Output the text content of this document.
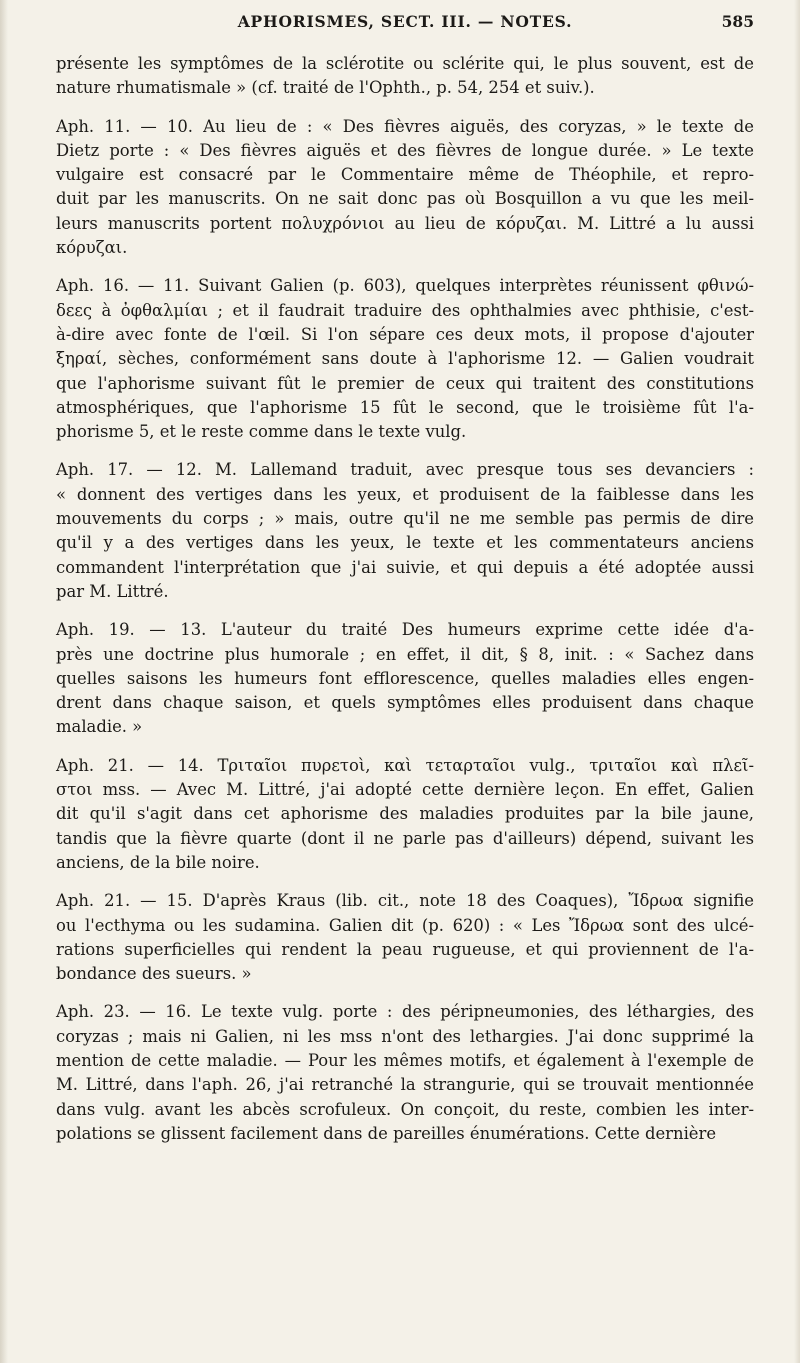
APHORISMES, SECT. III. — NOTES.	585
présente les symptômes de la sclérotite ou sclérite qui, le plus souvent, est de
nature rhumatismale » (cf. traité de l'Ophth., p. 54, 254 et suiv.).
Aph. 11. — 10. Au lieu de : « Des fièvres aiguës, des coryzas, » le texte de
Dietz porte : « Des fièvres aiguës et des fièvres de longue durée. » Le texte
vulgaire est consacré par le Commentaire même de Théophile, et repro-
duit par les manuscrits. On ne sait donc pas où Bosquillon a vu que les meil-
leurs manuscrits portent πολυχρόνιοι au lieu de κόρυζαι. M. Littré a lu aussi
κόρυζαι.
Aph. 16. — 11. Suivant Galien (p. 603), quelques interprètes réunissent φθινώ-
δεες à ὀφθαλμίαι ; et il faudrait traduire des ophthalmies avec phthisie, c'est-
à-dire avec fonte de l'œil. Si l'on sépare ces deux mots, il propose d'ajouter
ξηραί, sèches, conformément sans doute à l'aphorisme 12. — Galien voudrait
que l'aphorisme suivant fût le premier de ceux qui traitent des constitutions
atmosphériques, que l'aphorisme 15 fût le second, que le troisième fût l'a-
phorisme 5, et le reste comme dans le texte vulg.
Aph. 17. — 12. M. Lallemand traduit, avec presque tous ses devanciers :
« donnent des vertiges dans les yeux, et produisent de la faiblesse dans les
mouvements du corps ; » mais, outre qu'il ne me semble pas permis de dire
qu'il y a des vertiges dans les yeux, le texte et les commentateurs anciens
commandent l'interprétation que j'ai suivie, et qui depuis a été adoptée aussi
par M. Littré.
Aph. 19. — 13. L'auteur du traité Des humeurs exprime cette idée d'a-
près une doctrine plus humorale ; en effet, il dit, § 8, init. : « Sachez dans
quelles saisons les humeurs font efflorescence, quelles maladies elles engen-
drent dans chaque saison, et quels symptômes elles produisent dans chaque
maladie. »
Aph. 21. — 14. Τριταῖοι πυρετοὶ, καὶ τεταρταῖοι vulg., τριταῖοι καὶ πλεῖ-
στοι mss. — Avec M. Littré, j'ai adopté cette dernière leçon. En effet, Galien
dit qu'il s'agit dans cet aphorisme des maladies produites par la bile jaune,
tandis que la fièvre quarte (dont il ne parle pas d'ailleurs) dépend, suivant les
anciens, de la bile noire.
Aph. 21. — 15. D'après Kraus (lib. cit., note 18 des Coaques), Ἴδρωα signifie
ou l'ecthyma ou les sudamina. Galien dit (p. 620) : « Les Ἴδρωα sont des ulcé-
rations superficielles qui rendent la peau rugueuse, et qui proviennent de l'a-
bondance des sueurs. »
Aph. 23. — 16. Le texte vulg. porte : des péripneumonies, des léthargies, des
coryzas ; mais ni Galien, ni les mss n'ont des lethargies. J'ai donc supprimé la
mention de cette maladie. — Pour les mêmes motifs, et également à l'exemple de
M. Littré, dans l'aph. 26, j'ai retranché la strangurie, qui se trouvait mentionnée
dans vulg. avant les abcès scrofuleux. On conçoit, du reste, combien les inter-
polations se glissent facilement dans de pareilles énumérations. Cette dernière
